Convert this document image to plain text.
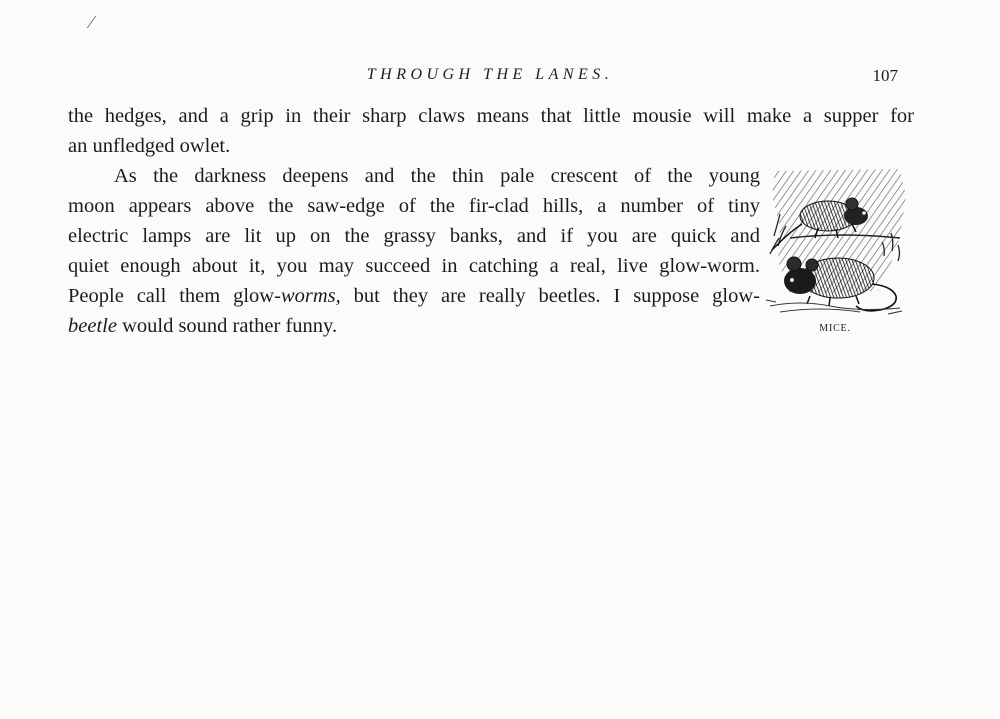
⁄
THROUGH THE LANES.	107
the hedges, and a grip in their sharp claws means that little mousie will make a supper for
an unfledged owlet.
As the darkness deepens and the thin pale crescent of the young
moon appears above the saw-edge of the fir-clad hills, a number of tiny
electric lamps are lit up on the grassy banks, and if you are quick and
quiet enough about it, you may succeed in catching a real, live glow-worm.
People call them glow-worms, but they are really beetles. I suppose glow-
beetle would sound rather funny.	MICE.
